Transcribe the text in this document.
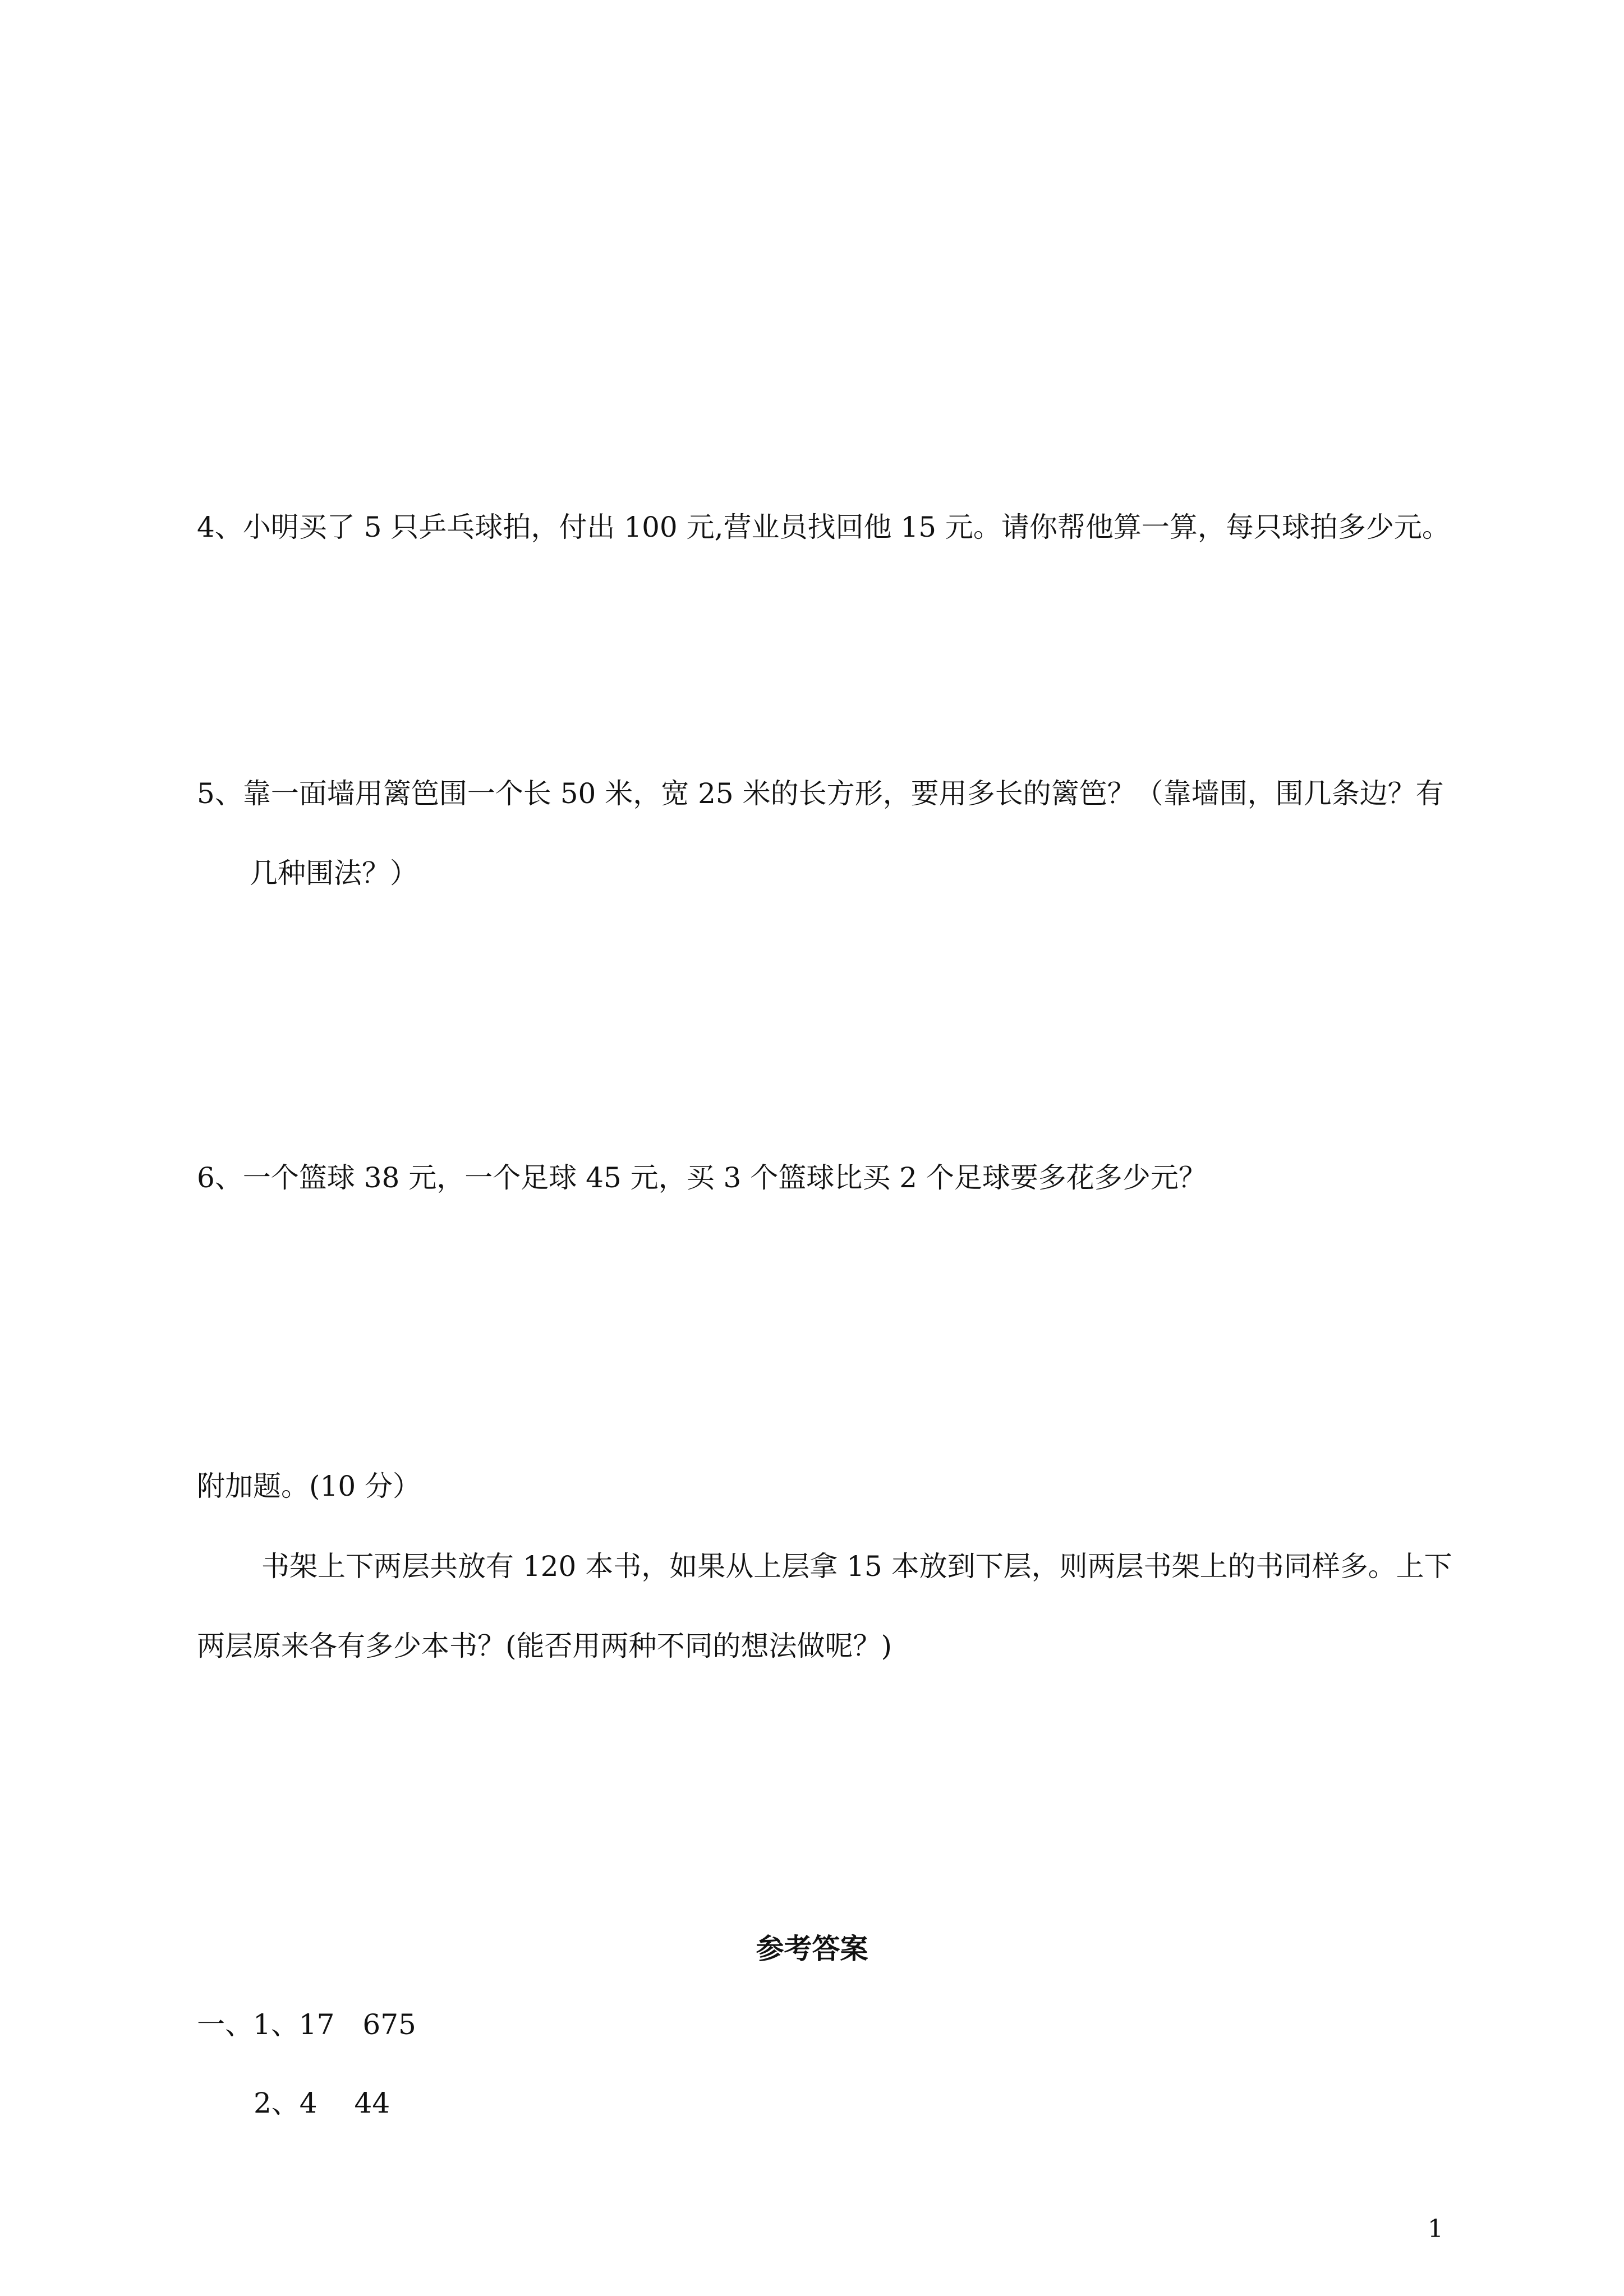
4、小明买了 5 只乒乓球拍，付出 100 元,营业员找回他 15 元。请你帮他算一算，每只球拍多少元。
5、靠一面墙用篱笆围一个长 50 米，宽 25 米的长方形，要用多长的篱笆？（靠墙围，围几条边？有
几种围法？）
6、一个篮球 38 元，一个足球 45 元，买 3 个篮球比买 2 个足球要多花多少元？
附加题。(10 分）
书架上下两层共放有 120 本书，如果从上层拿 15 本放到下层，则两层书架上的书同样多。上下
两层原来各有多少本书？(能否用两种不同的想法做呢？)
参考答案
一、1、17　675
2、4　 44
1
